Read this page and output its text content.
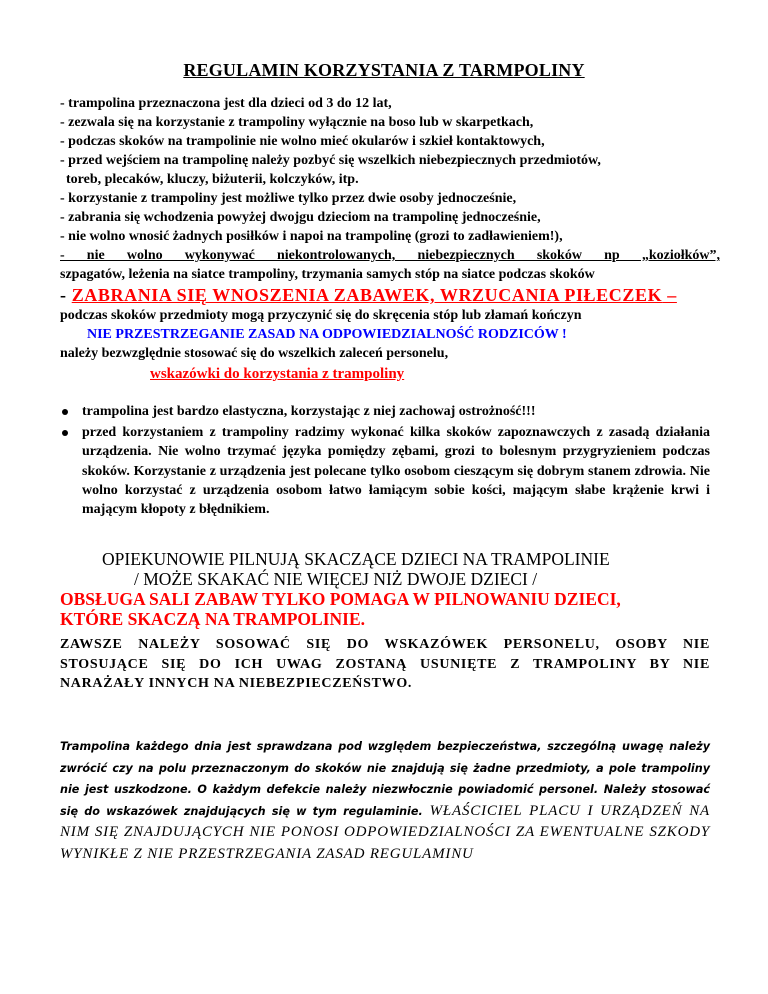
REGULAMIN KORZYSTANIA Z TARMPOLINY
- trampolina przeznaczona jest dla dzieci od 3 do 12 lat,
- zezwala się na korzystanie z trampoliny wyłącznie na boso lub w skarpetkach,
- podczas skoków na trampolinie nie wolno mieć okularów i szkieł kontaktowych,
- przed wejściem na trampolinę należy pozbyć się wszelkich niebezpiecznych przedmiotów,
toreb, plecaków, kluczy, biżuterii, kolczyków, itp.
- korzystanie z trampoliny jest możliwe tylko przez dwie osoby jednocześnie,
- zabrania się wchodzenia powyżej dwojgu dzieciom na trampolinę jednocześnie,
- nie wolno wnosić żadnych posiłków i napoi na trampolinę (grozi to zadławieniem!),
- nie wolno wykonywać niekontrolowanych, niebezpiecznych skoków np „koziołków”,
szpagatów, leżenia na siatce trampoliny, trzymania samych stóp na siatce podczas skoków
- ZABRANIA SIĘ WNOSZENIA ZABAWEK, WRZUCANIA PIŁECZEK –
podczas skoków przedmioty mogą przyczynić się do skręcenia stóp lub złamań kończyn
NIE PRZESTRZEGANIE ZASAD NA ODPOWIEDZIALNOŚĆ RODZICÓW !
należy bezwzględnie stosować się do wszelkich zaleceń personelu,
wskazówki do korzystania z trampoliny
trampolina jest bardzo elastyczna, korzystając z niej zachowaj ostrożność!!!
przed korzystaniem z trampoliny radzimy wykonać kilka skoków zapoznawczych z zasadą działania urządzenia. Nie wolno trzymać języka pomiędzy zębami, grozi to bolesnym przygryzieniem podczas skoków. Korzystanie z urządzenia jest polecane tylko osobom cieszącym się dobrym stanem zdrowia. Nie wolno korzystać z urządzenia osobom łatwo łamiącym sobie kości, mającym słabe krążenie krwi i mającym kłopoty z błędnikiem.
OPIEKUNOWIE PILNUJĄ SKACZĄCE DZIECI NA TRAMPOLINIE
/ MOŻE SKAKAĆ NIE WIĘCEJ NIŻ DWOJE DZIECI /
OBSŁUGA SALI ZABAW TYLKO POMAGA W PILNOWANIU DZIECI,
KTÓRE SKACZĄ NA TRAMPOLINIE.
ZAWSZE NALEŻY SOSOWAĆ SIĘ DO WSKAZÓWEK PERSONELU, OSOBY NIE STOSUJĄCE SIĘ DO ICH UWAG ZOSTANĄ USUNIĘTE Z TRAMPOLINY BY NIE NARAŻAŁY INNYCH NA NIEBEZPIECZEŃSTWO.
Trampolina każdego dnia jest sprawdzana pod względem bezpieczeństwa, szczególną uwagę należy zwrócić czy na polu przeznaczonym do skoków nie znajdują się żadne przedmioty, a pole trampoliny nie jest uszkodzone. O każdym defekcie należy niezwłocznie powiadomić personel. Należy stosować się do wskazówek znajdujących się w tym regulaminie. WŁAŚCICIEL PLACU I URZĄDZEŃ NA NIM SIĘ ZNAJDUJĄCYCH NIE PONOSI ODPOWIEDZIALNOŚCI ZA EWENTUALNE SZKODY WYNIKŁE Z NIE PRZESTRZEGANIA ZASAD REGULAMINU
